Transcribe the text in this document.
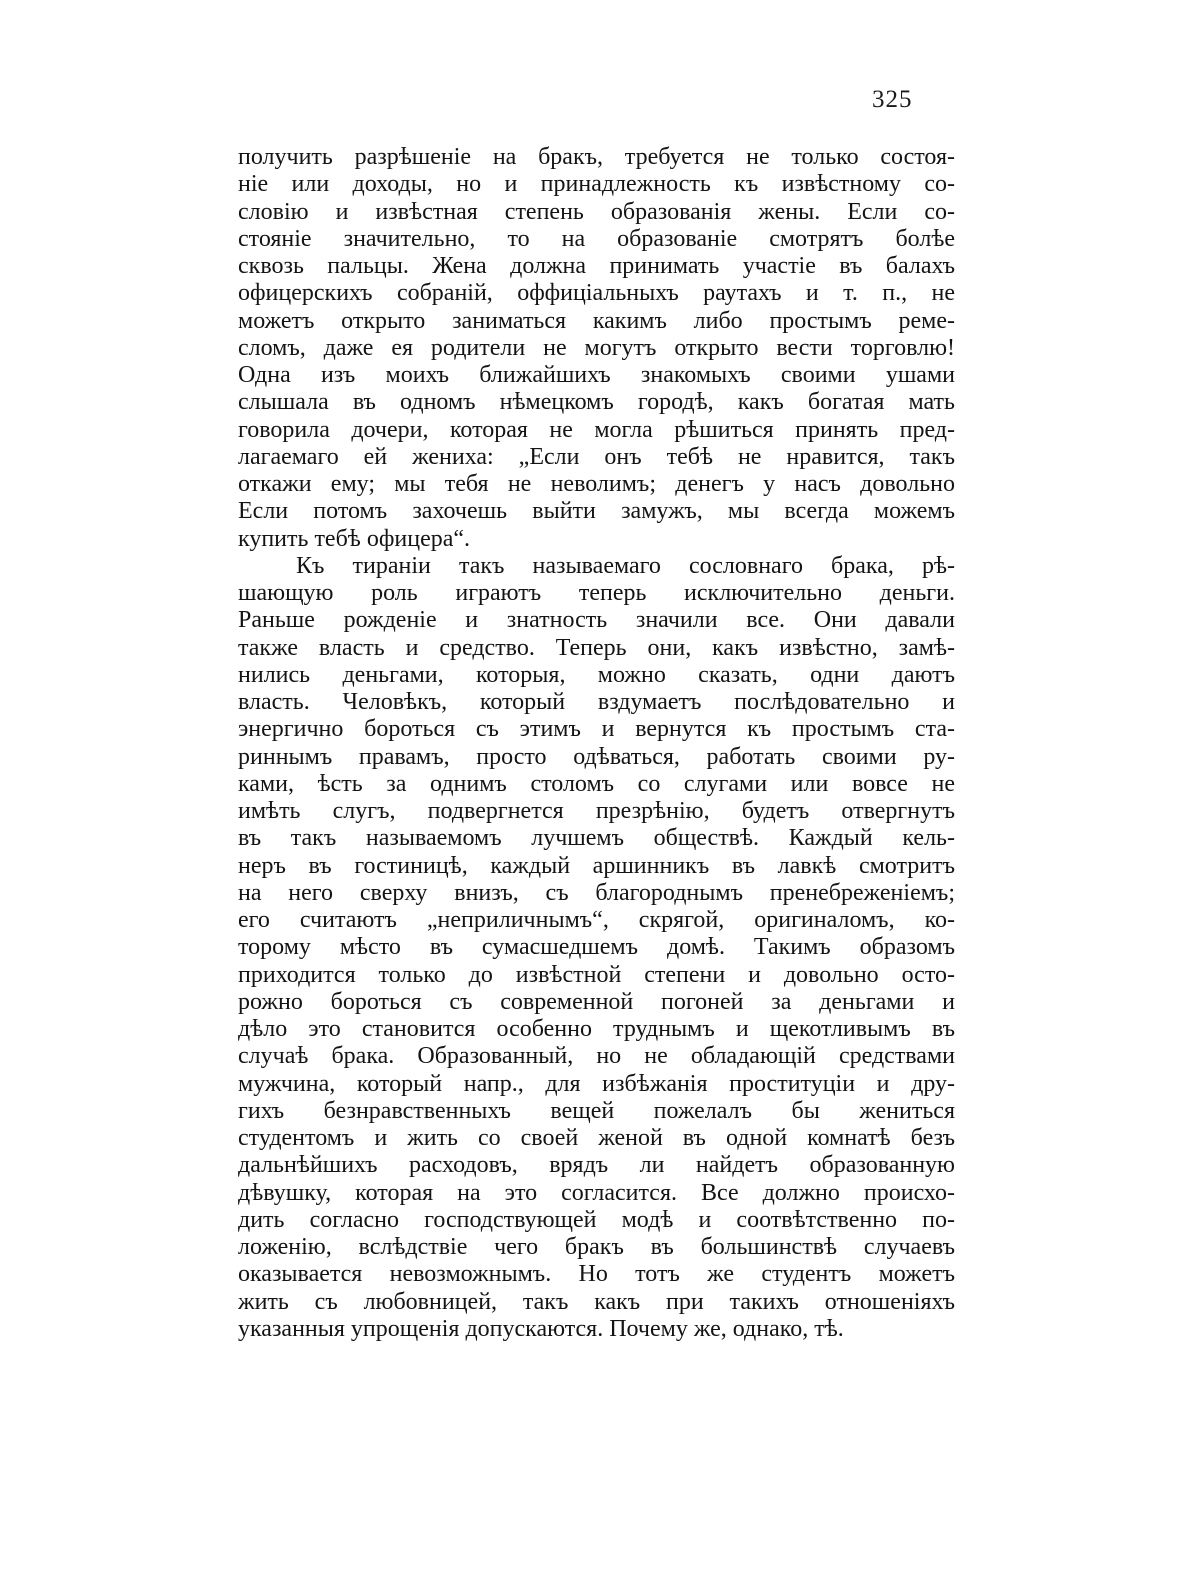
325
получить разрѣшеніе на бракъ, требуется не только состоя-
ніе или доходы, но и принадлежность къ извѣстному со-
словію и извѣстная степень образованія жены. Если со-
стояніе значительно, то на образованіе смотрятъ болѣе
сквозь пальцы. Жена должна принимать участіе въ балахъ
офицерскихъ собраній, оффиціальныхъ раутахъ и т. п., не
можетъ открыто заниматься какимъ либо простымъ реме-
сломъ, даже ея родители не могутъ открыто вести торговлю!
Одна изъ моихъ ближайшихъ знакомыхъ своими ушами
слышала въ одномъ нѣмецкомъ городѣ, какъ богатая мать
говорила дочери, которая не могла рѣшиться принять пред-
лагаемаго ей жениха: „Если онъ тебѣ не нравится, такъ
откажи ему; мы тебя не неволимъ; денегъ у насъ довольно
Если потомъ захочешь выйти замужъ, мы всегда можемъ
купить тебѣ офицера“.
Къ тираніи такъ называемаго сословнаго брака, рѣ-
шающую роль играютъ теперь исключительно деньги.
Раньше рожденіе и знатность значили все. Они давали
также власть и средство. Теперь они, какъ извѣстно, замѣ-
нились деньгами, которыя, можно сказать, одни даютъ
власть. Человѣкъ, который вздумаетъ послѣдовательно и
энергично бороться съ этимъ и вернутся къ простымъ ста-
риннымъ правамъ, просто одѣваться, работать своими ру-
ками, ѣсть за однимъ столомъ со слугами или вовсе не
имѣть слугъ, подвергнется презрѣнію, будетъ отвергнутъ
въ такъ называемомъ лучшемъ обществѣ. Каждый кель-
неръ въ гостиницѣ, каждый аршинникъ въ лавкѣ смотритъ
на него сверху внизъ, съ благороднымъ пренебреженіемъ;
его считаютъ „неприличнымъ“, скрягой, оригиналомъ, ко-
торому мѣсто въ сумасшедшемъ домѣ. Такимъ образомъ
приходится только до извѣстной степени и довольно осто-
рожно бороться съ современной погоней за деньгами и
дѣло это становится особенно труднымъ и щекотливымъ въ
случаѣ брака. Образованный, но не обладающій средствами
мужчина, который напр., для избѣжанія проституціи и дру-
гихъ безнравственныхъ вещей пожелалъ бы жениться
студентомъ и жить со своей женой въ одной комнатѣ безъ
дальнѣйшихъ расходовъ, врядъ ли найдетъ образованную
дѣвушку, которая на это согласится. Все должно происхо-
дить согласно господствующей модѣ и соотвѣтственно по-
ложенію, вслѣдствіе чего бракъ въ большинствѣ случаевъ
оказывается невозможнымъ. Но тотъ же студентъ можетъ
жить съ любовницей, такъ какъ при такихъ отношеніяхъ
указанныя упрощенія допускаются. Почему же, однако, тѣ.
